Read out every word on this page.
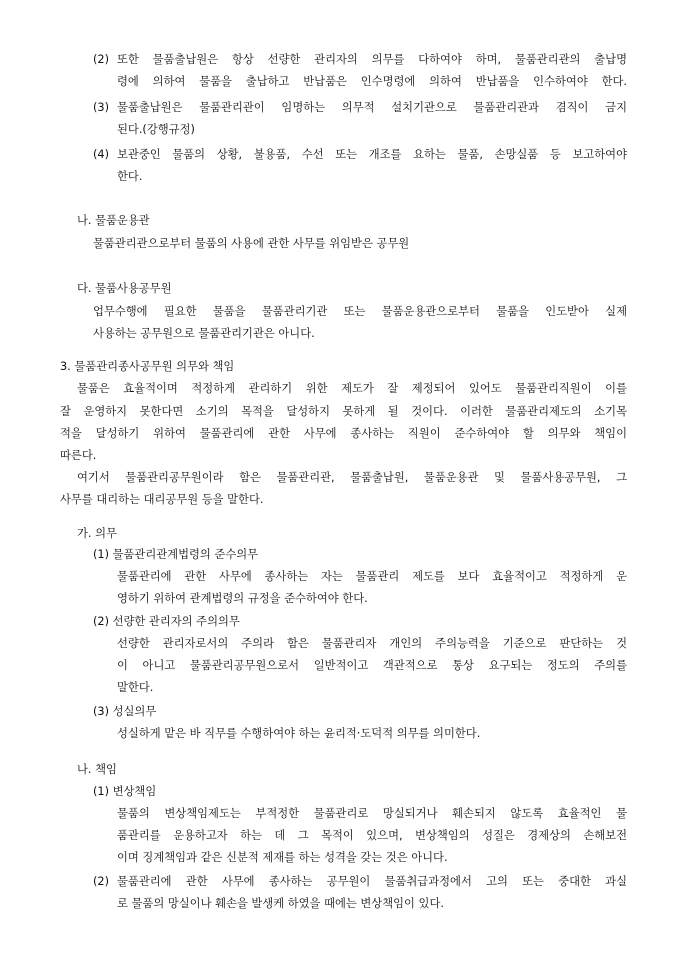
(2) 또한 물품출납원은 항상 선량한 관리자의 의무를 다하여야 하며, 물품관리관의 출납명
령에 의하여 물품을 출납하고 반납품은 인수명령에 의하여 반납품을 인수하여야 한다.
(3) 물품출납원은 물품관리관이 임명하는 의무적 설치기관으로 물품관리관과 겸직이 금지
된다.(강행규정)
(4) 보관중인 물품의 상황, 불용품, 수선 또는 개조를 요하는 물품, 손망실품 등 보고하여야
한다.
나. 물품운용관
물품관리관으로부터 물품의 사용에 관한 사무를 위임받은 공무원
다. 물품사용공무원
업무수행에 필요한 물품을 물품관리기관 또는 물품운용관으로부터 물품을 인도받아 실제
사용하는 공무원으로 물품관리기관은 아니다.
3. 물품관리종사공무원 의무와 책임
물품은 효율적이며 적정하게 관리하기 위한 제도가 잘 제정되어 있어도 물품관리직원이 이를
잘 운영하지 못한다면 소기의 목적을 달성하지 못하게 될 것이다. 이러한 물품관리제도의 소기목
적을 달성하기 위하여 물품관리에 관한 사무에 종사하는 직원이 준수하여야 할 의무와 책임이
따른다.
여기서 물품관리공무원이라 함은 물품관리관, 물품출납원, 물품운용관 및 물품사용공무원, 그
사무를 대리하는 대리공무원 등을 말한다.
가. 의무
(1) 물품관리관계법령의 준수의무
물품관리에 관한 사무에 종사하는 자는 물품관리 제도를 보다 효율적이고 적정하게 운
영하기 위하여 관계법령의 규정을 준수하여야 한다.
(2) 선량한 관리자의 주의의무
선량한 관리자로서의 주의라 함은 물품관리자 개인의 주의능력을 기준으로 판단하는 것
이 아니고 물품관리공무원으로서 일반적이고 객관적으로 통상 요구되는 정도의 주의를
말한다.
(3) 성실의무
성실하게 맡은 바 직무를 수행하여야 하는 윤리적·도덕적 의무를 의미한다.
나. 책임
(1) 변상책임
물품의 변상책임제도는 부적정한 물품관리로 망실되거나 훼손되지 않도록 효율적인 물
품관리를 운용하고자 하는 데 그 목적이 있으며, 변상책임의 성질은 경제상의 손해보전
이며 징계책임과 같은 신분적 제재를 하는 성격을 갖는 것은 아니다.
(2) 물품관리에 관한 사무에 종사하는 공무원이 물품취급과정에서 고의 또는 중대한 과실
로 물품의 망실이나 훼손을 발생케 하였을 때에는 변상책임이 있다.
